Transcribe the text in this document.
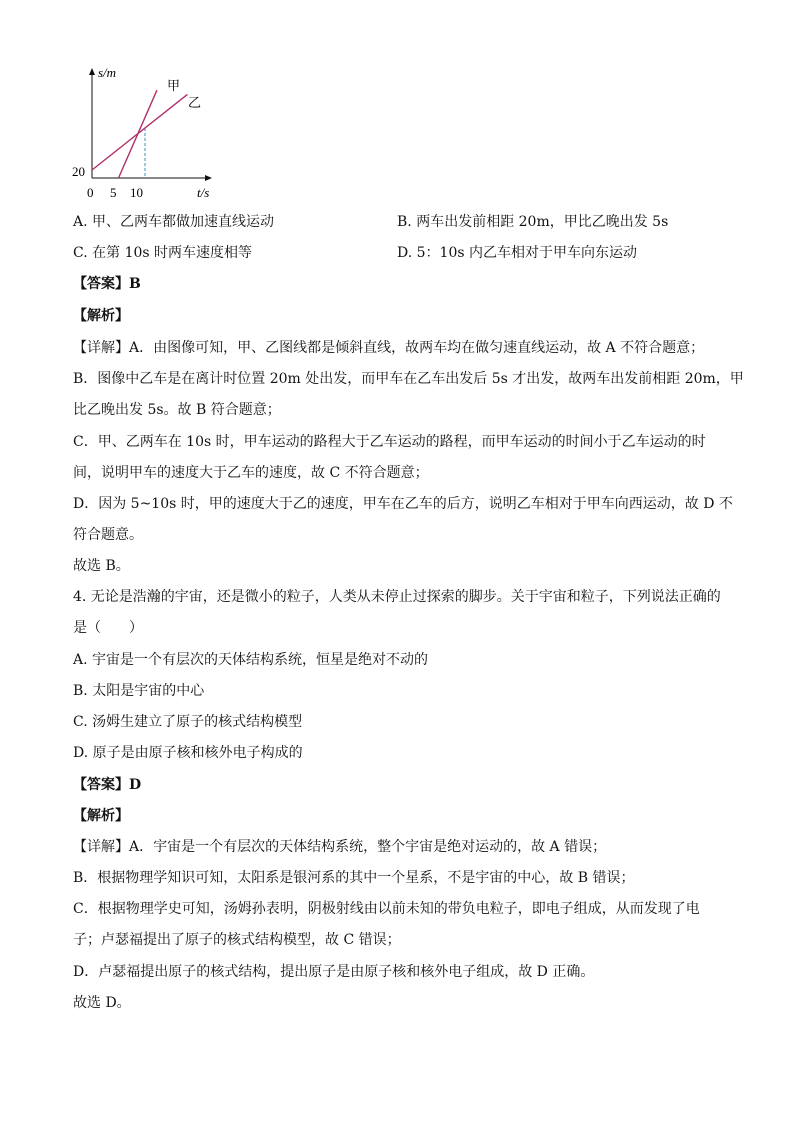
s/m
t/s
甲
乙
20
0 5 10
A. 甲、乙两车都做加速直线运动	B. 两车出发前相距 20m，甲比乙晚出发 5s
C. 在第 10s 时两车速度相等	D. 5：10s 内乙车相对于甲车向东运动
【答案】B
【解析】
【详解】A．由图像可知，甲、乙图线都是倾斜直线，故两车均在做匀速直线运动，故 A 不符合题意；
B．图像中乙车是在离计时位置 20m 处出发，而甲车在乙车出发后 5s 才出发，故两车出发前相距 20m，甲
比乙晚出发 5s。故 B 符合题意；
C．甲、乙两车在 10s 时，甲车运动的路程大于乙车运动的路程，而甲车运动的时间小于乙车运动的时
间，说明甲车的速度大于乙车的速度，故 C 不符合题意；
D．因为 5~10s 时，甲的速度大于乙的速度，甲车在乙车的后方，说明乙车相对于甲车向西运动，故 D 不
符合题意。
故选 B。
4. 无论是浩瀚的宇宙，还是微小的粒子，人类从未停止过探索的脚步。关于宇宙和粒子，下列说法正确的
是（　　）
A. 宇宙是一个有层次的天体结构系统，恒星是绝对不动的
B. 太阳是宇宙的中心
C. 汤姆生建立了原子的核式结构模型
D. 原子是由原子核和核外电子构成的
【答案】D
【解析】
【详解】A．宇宙是一个有层次的天体结构系统，整个宇宙是绝对运动的，故 A 错误；
B．根据物理学知识可知，太阳系是银河系的其中一个星系，不是宇宙的中心，故 B 错误；
C．根据物理学史可知，汤姆孙表明，阴极射线由以前未知的带负电粒子，即电子组成，从而发现了电
子；卢瑟福提出了原子的核式结构模型，故 C 错误；
D．卢瑟福提出原子的核式结构，提出原子是由原子核和核外电子组成，故 D 正确。
故选 D。
